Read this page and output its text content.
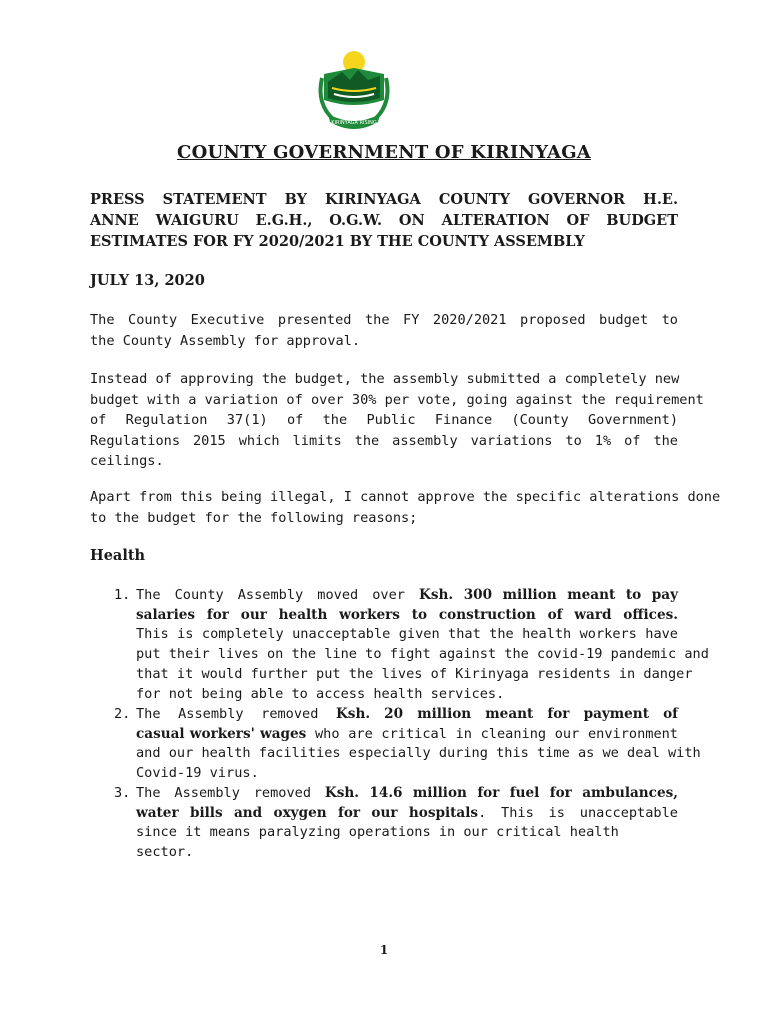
KIRINYAGA RISING
COUNTY GOVERNMENT OF KIRINYAGA
PRESS STATEMENT BY KIRINYAGA COUNTY GOVERNOR H.E.
ANNE WAIGURU E.G.H., O.G.W. ON ALTERATION OF BUDGET
ESTIMATES FOR FY 2020/2021 BY THE COUNTY ASSEMBLY
JULY 13, 2020
The County Executive presented the FY 2020/2021 proposed budget to
the County Assembly for approval.
Instead of approving the budget, the assembly submitted a completely new
budget with a variation of over 30% per vote, going against the requirement
of Regulation 37(1) of the Public Finance (County Government)
Regulations 2015 which limits the assembly variations to 1% of the
ceilings.
Apart from this being illegal, I cannot approve the specific alterations done
to the budget for the following reasons;
Health
1. The County Assembly moved over Ksh. 300 million meant to pay
salaries for our health workers to construction of ward offices.
This is completely unacceptable given that the health workers have
put their lives on the line to fight against the covid-19 pandemic and
that it would further put the lives of Kirinyaga residents in danger
for not being able to access health services.
2. The Assembly removed Ksh. 20 million meant for payment of
casual workers' wages who are critical in cleaning our environment
and our health facilities especially during this time as we deal with
Covid-19 virus.
3. The Assembly removed Ksh. 14.6 million for fuel for ambulances,
water bills and oxygen for our hospitals. This is unacceptable
since it means paralyzing operations in our critical health sector.
1
